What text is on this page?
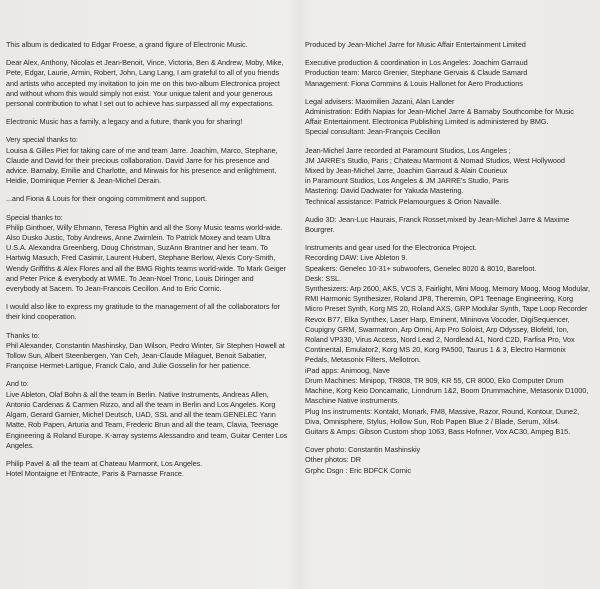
This album is dedicated to Edgar Froese, a grand figure of Electronic Music.

Dear Alex, Anthony, Nicolas et Jean-Benoit, Vince, Victoria, Ben & Andrew, Moby, Mike, Pete, Edgar, Laurie, Armin, Robert, John, Lang Lang, I am grateful to all of you friends and artists who accepted my invitation to join me on this two-album Electronica project and without whom this would simply not exist. Your unique talent and your generous personal contribution to what I set out to achieve has surpassed all my expectations.

Electronic Music has a family, a legacy and a future, thank you for sharing!

Very special thanks to:
Louisa & Gilles Piet for taking care of me and team Jarre. Joachim, Marco, Stephane, Claude and David for their precious collaboration. David Jarre for his presence and advice. Barnaby, Emilie and Charlotte, and Mirwais for his presence and enlightment, Heidie, Dominique Perrier & Jean-Michel Derain.

...and Fiona & Louis for their ongoing commitment and support.

Special thanks to:
Philip Ginthoer, Willy Ehmann, Teresa Pighin and all the Sony Music teams world-wide. Also Dusko Justic, Toby Andrews, Anne Zwirnlein. To Patrick Moxey and team Ultra U.S.A. Alexandra Greenberg, Doug Christman, SuzAnn Brantner and her team. To Hartwig Masuch, Fred Casimir, Laurent Hubert, Stephane Berlow, Alexis Cory-Smith, Wendy Griffiths & Alex Flores and all the BMG Rights teams world-wide. To Mark Geiger and Peter Price & everybody at WME. To Jean-Noel Tronc, Louis Diringer and everybody at Sacem. To Jean-Francois Cecillon. And to Eric Cornic.

I would also like to express my gratitude to the management of all the collaborators for their kind cooperation.

Thanks to:
Phil Alexander, Constantin Mashinsky, Dan Wilson, Pedro Winter, Sir Stephen Howell at Tollow Sun, Albert Steenbergen, Yan Ceh, Jean-Claude Milaguet, Benoit Sabatier, Françoise Hermet-Lartigue, Franck Calo, and Julie Gosselin for her patience.

And to:
Live Ableton, Olaf Bohn & all the team in Berlin. Native Instruments, Andreas Allen, Antonio Cardenas & Carmen Rizzo, and all the team in Berlin and Los Angeles. Korg Algam, Gerard Garnier, Michel Deutsch, UAD, SSL and all the team.GENELEC Yann Matte, Rob Papen, Arturia and Team, Frederic Brun and all the team, Clavia, Teenage Engineering & Roland Europe. K-array systems Alessandro and team, Guitar Center Los Angeles.

Philip Pavel & all the team at Chateau Marmont, Los Angeles.
Hotel Montaigne et l'Entracte, Paris & Parnasse France.

Produced by Jean-Michel Jarre for Music Affair Entertainment Limited

Executive production & coordination in Los Angeles: Joachim Garraud
Production team: Marco Grenier, Stephane Gervais & Claude Samard
Management: Fiona Commins & Louis Hallonet for Aero Productions

Legal advisers: Maximilien Jazani, Alan Lander
Administration: Edith Napias for Jean-Michel Jarre & Barnaby Southcombe for Music Affair Entertainment. Electronica Publishing Limited is administered by BMG.
Special consultant: Jean-François Cecillon

Jean-Michel Jarre recorded at Paramount Studios, Los Angeles ;
JM JARRE's Studio, Paris ; Chateau Marmont & Nomad Studios, West Hollywood
Mixed by Jean-Michel Jarre, Joachim Garraud & Alain Courieux
in Paramount Studios, Los Angeles & JM JARRE's Studio, Paris
Mastering: David Dadwater for Yakuda Mastering.
Technical assistance: Patrick Pelamourgues & Orion Navaille.

Audio 3D: Jean-Luc Haurais, Franck Rosset,mixed by Jean-Michel Jarre & Maxime Bourgrer.

Instruments and gear used for the Electronica Project.
Recording DAW: Live Ableton 9.
Speakers: Genelec 10-31+ subwoofers, Genelec 8020 & 8010, Barefoot.
Desk: SSL.
Synthesizers: Arp 2600, AKS, VCS 3, Fairlight, Mini Moog, Memory Moog, Moog Modular, RMI Harmonic Synthesizer, Roland JP8, Theremin, OP1 Teenage Engineering, Korg Micro Preset Synth, Korg MS 20, Roland AXS, GRP Modular Synth, Tape Loop Recorder Revox B77, Elka Synthex, Laser Harp, Eminent, Mininova Vocoder, DigiSequencer, Coupigny GRM, Swarmatron, Arp Omni, Arp Pro Soloist, Arp Odyssey, Blofeld, Ion, Roland VP330, Virus Access, Nord Lead 2, Nordlead A1, Nord C2D, Farfisa Pro, Vox Continental, Emulator2, Korg MS 20, Korg PA500, Taurus 1 & 3, Electro Harmonix Pedals, Metasonix Filters, Mellotron.
iPad apps: Animoog, Nave
Drum Machines: Minipop, TR808, TR 909, KR 55, CR 8000, Eko Computer Drum Machine, Korg Keio Doncamatic, Linndrum 1&2, Boom Drummachine, Metasonix D1000, Maschine Native instruments.
Plug Ins instruments: Kontakt, Monark, FM8, Massive, Razor, Round, Kontour, Dune2, Diva, Omnisphere, Stylus, Hollow Sun, Rob Papen Blue 2 / Blade, Serum, Xils4.
Guitars & Amps: Gibson Custom shop 1063, Bass Hofnner, Vox AC30, Ampeg B15.

Cover photo: Constantin Mashinskiy
Other photos: DR
Grphc Dsgn : Eric BDFCK Cornic
